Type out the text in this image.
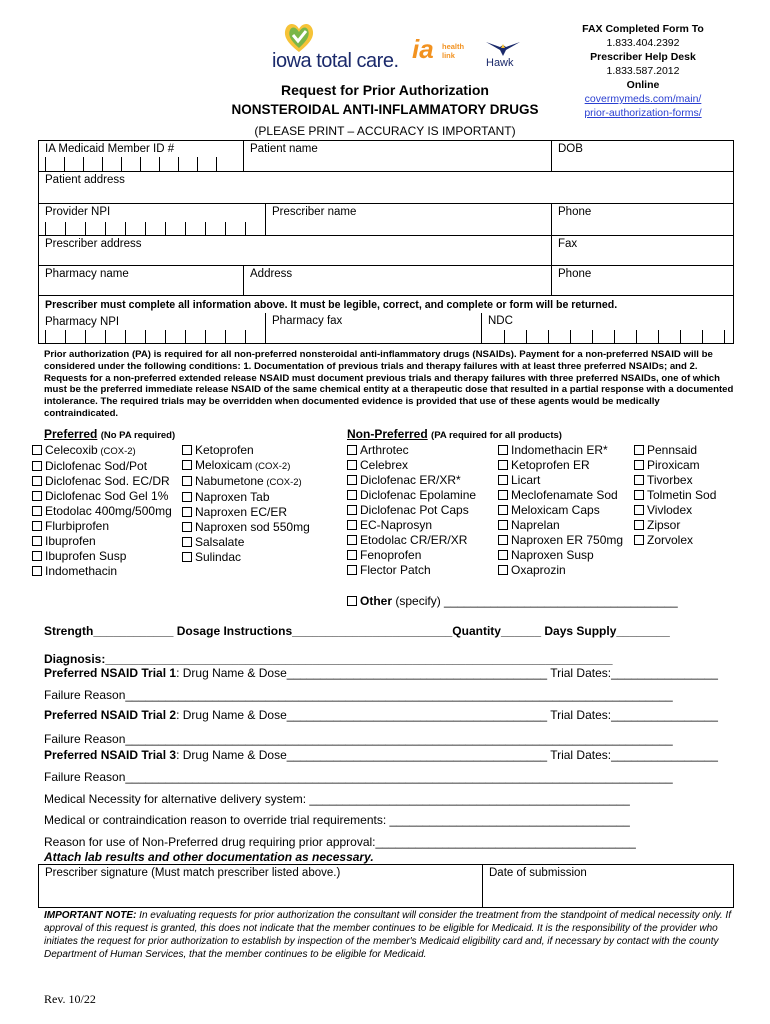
iowa total care. ia health
link
Hawk
FAX Completed Form To
1.833.404.2392
Prescriber Help Desk
1.833.587.2012
Online
covermymeds.com/main/
prior-authorization-forms/
Request for Prior Authorization
NONSTEROIDAL ANTI-INFLAMMATORY DRUGS
(PLEASE PRINT – ACCURACY IS IMPORTANT)
IA Medicaid Member ID #	Patient name	DOB
Patient address
Provider NPI	Prescriber name	Phone
Prescriber address	Fax
Pharmacy name	Address	Phone
Prescriber must complete all information above. It must be legible, correct, and complete or form will be returned.
Pharmacy NPI	Pharmacy fax	NDC
Prior authorization (PA) is required for all non-preferred nonsteroidal anti-inflammatory drugs (NSAIDs). Payment for a non-preferred NSAID will be considered under the following conditions: 1. Documentation of previous trials and therapy failures with at least three preferred NSAIDs; and 2. Requests for a non-preferred extended release NSAID must document previous trials and therapy failures with three preferred NSAIDs, one of which must be the preferred immediate release NSAID of the same chemical entity at a therapeutic dose that resulted in a partial response with a documented intolerance. The required trials may be overridden when documented evidence is provided that use of these agents would be medically contraindicated.
Preferred (No PA required)
Celecoxib (COX-2)
Diclofenac Sod/Pot
Diclofenac Sod. EC/DR
Diclofenac Sod Gel 1%
Etodolac 400mg/500mg
Flurbiprofen
Ibuprofen
Ibuprofen Susp
Indomethacin
Ketoprofen
Meloxicam (COX-2)
Nabumetone (COX-2)
Naproxen Tab
Naproxen EC/ER
Naproxen sod 550mg
Salsalate
Sulindac
Non-Preferred (PA required for all products)
Arthrotec
Celebrex
Diclofenac ER/XR*
Diclofenac Epolamine
Diclofenac Pot Caps
EC-Naprosyn
Etodolac CR/ER/XR
Fenoprofen
Flector Patch
Indomethacin ER*
Ketoprofen ER
Licart
Meclofenamate Sod
Meloxicam Caps
Naprelan
Naproxen ER 750mg
Naproxen Susp
Oxaprozin
Pennsaid
Piroxicam
Tivorbex
Tolmetin Sod
Vivlodex
Zipsor
Zorvolex
Other (specify) ___________________________________
Strength____________ Dosage Instructions________________________Quantity______ Days Supply________
Diagnosis:____________________________________________________________________________
Preferred NSAID Trial 1: Drug Name & Dose_______________________________________ Trial Dates:________________
Failure Reason__________________________________________________________________________________
Preferred NSAID Trial 2: Drug Name & Dose_______________________________________ Trial Dates:________________
Failure Reason__________________________________________________________________________________
Preferred NSAID Trial 3: Drug Name & Dose_______________________________________ Trial Dates:________________
Failure Reason__________________________________________________________________________________
Medical Necessity for alternative delivery system: ________________________________________________
Medical or contraindication reason to override trial requirements: ____________________________________
Reason for use of Non-Preferred drug requiring prior approval:_______________________________________
Attach lab results and other documentation as necessary.
Prescriber signature (Must match prescriber listed above.)	Date of submission
IMPORTANT NOTE: In evaluating requests for prior authorization the consultant will consider the treatment from the standpoint of medical necessity only. If approval of this request is granted, this does not indicate that the member continues to be eligible for Medicaid. It is the responsibility of the provider who initiates the request for prior authorization to establish by inspection of the member's Medicaid eligibility card and, if necessary by contact with the county Department of Human Services, that the member continues to be eligible for Medicaid.
Rev. 10/22
